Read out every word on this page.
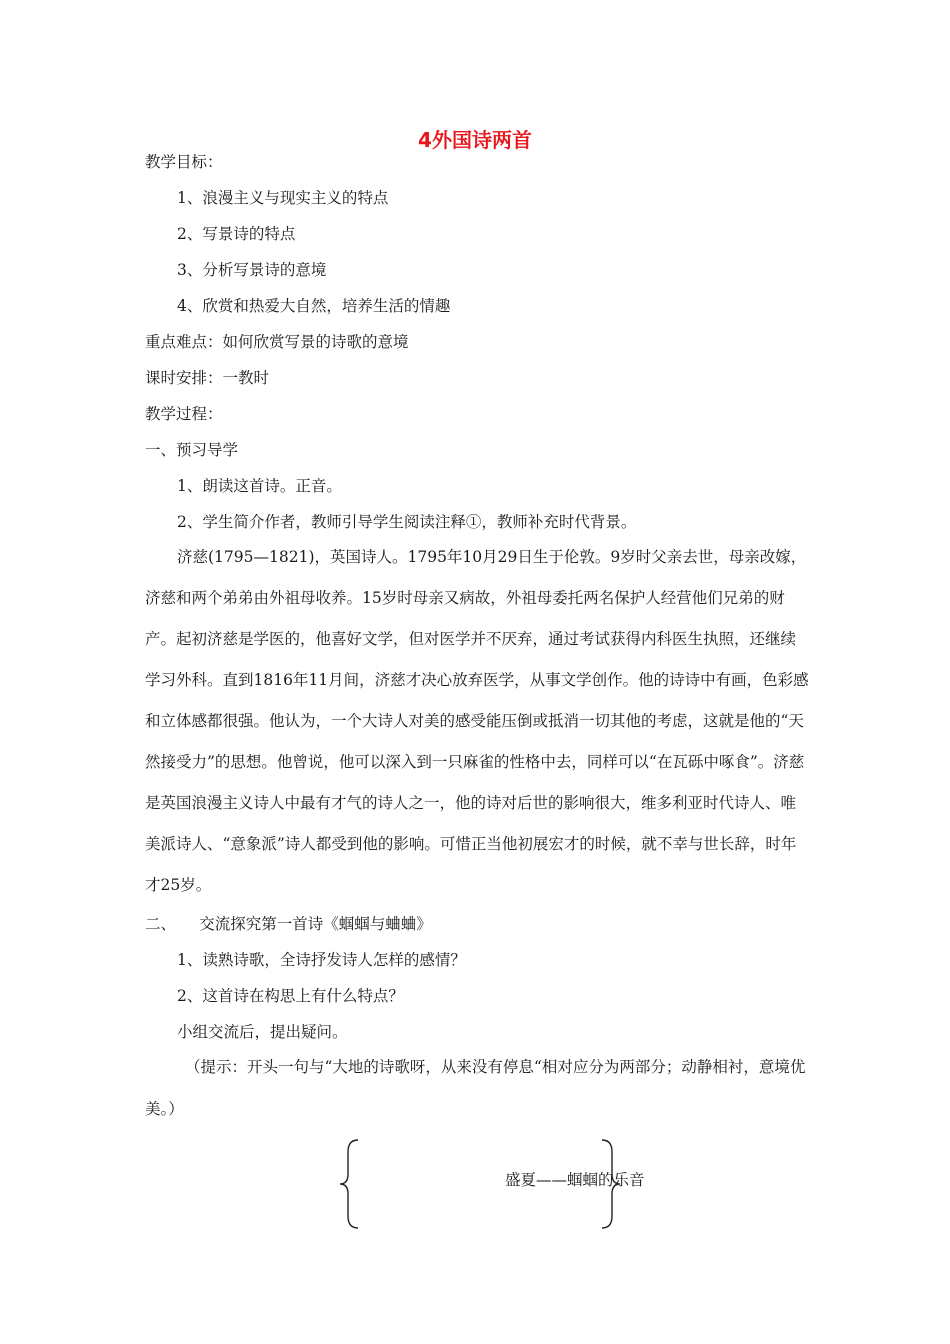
4外国诗两首
教学目标：
1、浪漫主义与现实主义的特点
2、写景诗的特点
3、分析写景诗的意境
4、欣赏和热爱大自然，培养生活的情趣
重点难点：如何欣赏写景的诗歌的意境
课时安排：一教时
教学过程：
一、预习导学
1、朗读这首诗。正音。
2、学生简介作者，教师引导学生阅读注释①，教师补充时代背景。
济慈(1795—1821)，英国诗人。1795年10月29日生于伦敦。9岁时父亲去世，母亲改嫁，济慈和两个弟弟由外祖母收养。15岁时母亲又病故，外祖母委托两名保护人经营他们兄弟的财产。起初济慈是学医的，他喜好文学，但对医学并不厌弃，通过考试获得内科医生执照，还继续学习外科。直到1816年11月间，济慈才决心放弃医学，从事文学创作。他的诗诗中有画，色彩感和立体感都很强。他认为，一个大诗人对美的感受能压倒或抵消一切其他的考虑，这就是他的“天然接受力”的思想。他曾说，他可以深入到一只麻雀的性格中去，同样可以“在瓦砾中啄食”。济慈是英国浪漫主义诗人中最有才气的诗人之一，他的诗对后世的影响很大，维多利亚时代诗人、唯美派诗人、“意象派”诗人都受到他的影响。可惜正当他初展宏才的时候，就不幸与世长辞，时年才25岁。
二、　　交流探究第一首诗《蝈蝈与蛐蛐》
1、读熟诗歌，全诗抒发诗人怎样的感情？
2、这首诗在构思上有什么特点？
小组交流后，提出疑问。
（提示：开头一句与“大地的诗歌呀，从来没有停息“相对应分为两部分；动静相衬，意境优美。）
盛夏——蝈蝈的乐音
